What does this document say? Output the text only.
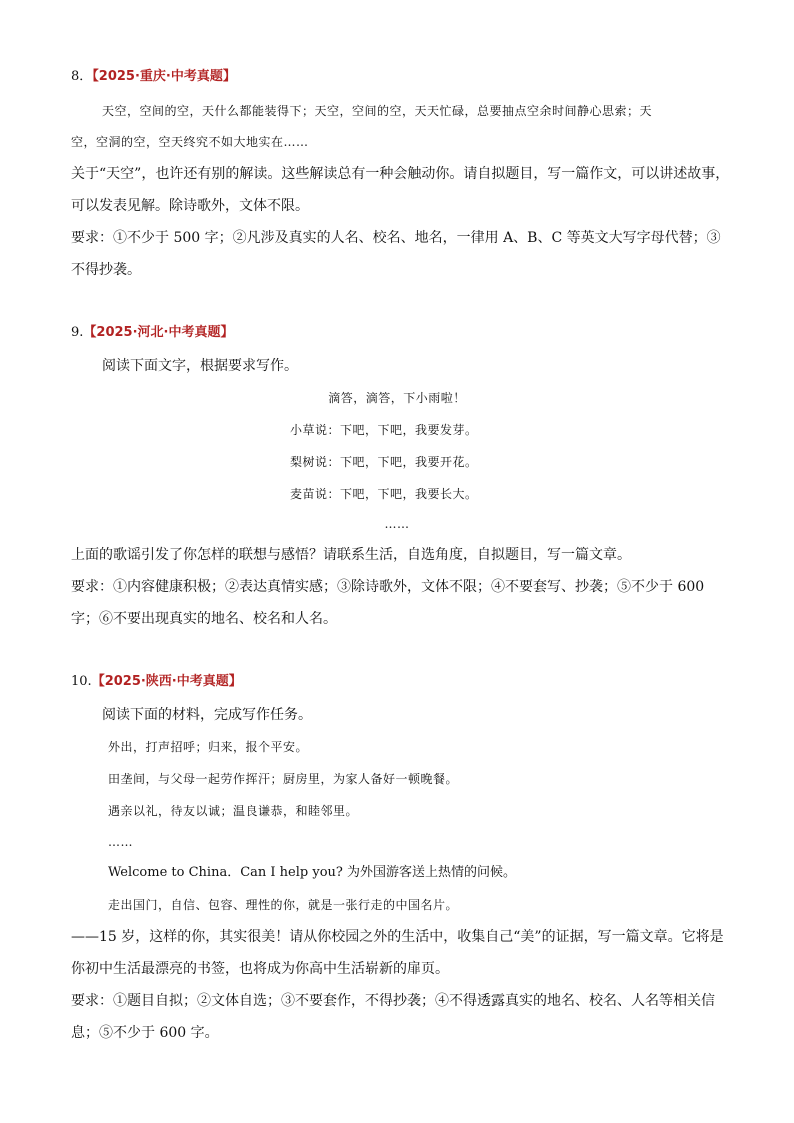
8．【2025·重庆·中考真题】
天空，空间的空，天什么都能装得下；天空，空间的空，天天忙碌，总要抽点空余时间静心思索；天
空，空洞的空，空天终究不如大地实在……
关于“天空”，也许还有别的解读。这些解读总有一种会触动你。请自拟题目，写一篇作文，可以讲述故事，
可以发表见解。除诗歌外，文体不限。
要求：①不少于 500 字；②凡涉及真实的人名、校名、地名，一律用 A、B、C 等英文大写字母代替；③
不得抄袭。
9.【2025·河北·中考真题】
阅读下面文字，根据要求写作。
滴答，滴答，下小雨啦！
小草说：下吧，下吧，我要发芽。
梨树说：下吧，下吧，我要开花。
麦苗说：下吧，下吧，我要长大。
……
上面的歌谣引发了你怎样的联想与感悟？请联系生活，自选角度，自拟题目，写一篇文章。
要求：①内容健康积极；②表达真情实感；③除诗歌外，文体不限；④不要套写、抄袭；⑤不少于 600
字；⑥不要出现真实的地名、校名和人名。
10.【2025·陕西·中考真题】
阅读下面的材料，完成写作任务。
外出，打声招呼；归来，报个平安。
田垄间，与父母一起劳作挥汗；厨房里，为家人备好一顿晚餐。
遇亲以礼，待友以诚；温良谦恭，和睦邻里。
……
Welcome to China．Can I help you? 为外国游客送上热情的问候。
走出国门，自信、包容、理性的你，就是一张行走的中国名片。
——15 岁，这样的你，其实很美！请从你校园之外的生活中，收集自己“美”的证据，写一篇文章。它将是
你初中生活最漂亮的书签，也将成为你高中生活崭新的扉页。
要求：①题目自拟；②文体自选；③不要套作，不得抄袭；④不得透露真实的地名、校名、人名等相关信
息；⑤不少于 600 字。
